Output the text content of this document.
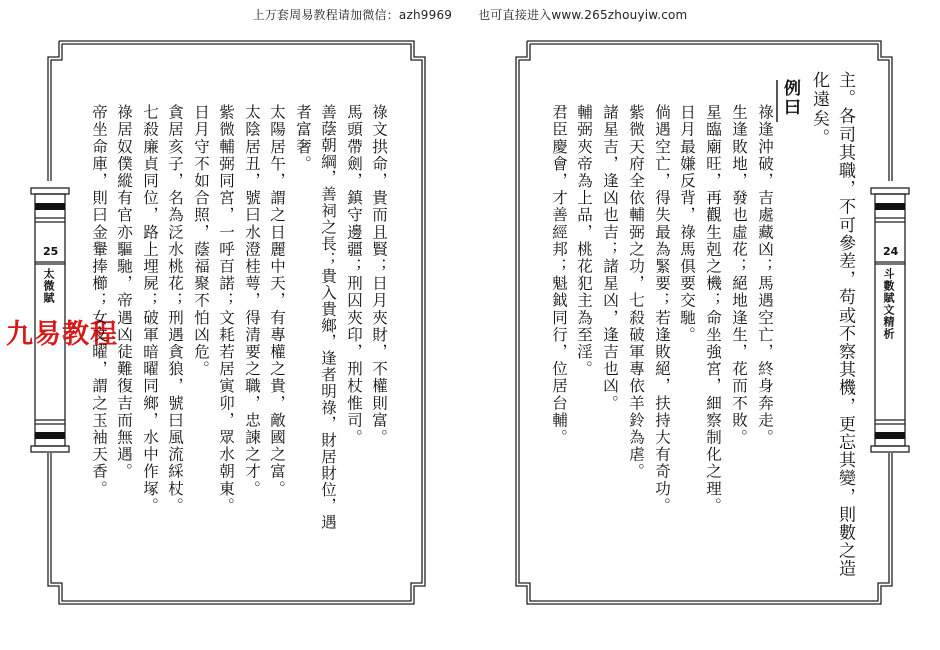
上万套周易教程请加微信：azh9969 也可直接进入www.265zhouyiw.com
九易教程
25
太微賦
24
斗數賦文精析
祿文拱命，貴而且賢；日月夾財，不權則富。
馬頭帶劍，鎮守邊疆；刑囚夾印，刑杖惟司。
善蔭朝綱，善祠之長；貴入貴鄉，逢者明祿，財居財位，遇
者富奢。
太陽居午，謂之日麗中天，有專權之貴，敵國之富。
太陰居丑，號曰水澄桂萼，得清要之職，忠諫之才。
紫微輔弼同宮，一呼百諾；文耗若居寅卯，眾水朝東。
日月守不如合照，蔭福聚不怕凶危。
貪居亥子，名為泛水桃花；刑遇貪狼，號曰風流綵杖。
七殺廉貞同位，路上埋屍；破軍暗曜同鄉，水中作塚。
祿居奴僕縱有官亦驅馳，帝遇凶徒難復吉而無遇。
帝坐命庫，則曰金轝捧櫛；女文曜，謂之玉袖天香。	主。各司其職，不可參差，苟或不察其機，更忘其變，則數之造
化遠矣。
例曰
祿逢沖破，吉處藏凶；馬遇空亡，終身奔走。
生逢敗地，發也虛花；絕地逢生，花而不敗。
星臨廟旺，再觀生剋之機；命坐強宮，細察制化之理。
日月最嫌反背，祿馬俱要交馳。
倘遇空亡，得失最為緊要；若逢敗絕，扶持大有奇功。
紫微天府全依輔弼之功，七殺破軍專依羊鈴為虐。
諸星吉，逢凶也吉；諸星凶，逢吉也凶。
輔弼夾帝為上品，桃花犯主為至淫。
君臣慶會，才善經邦；魁鉞同行，位居台輔。
